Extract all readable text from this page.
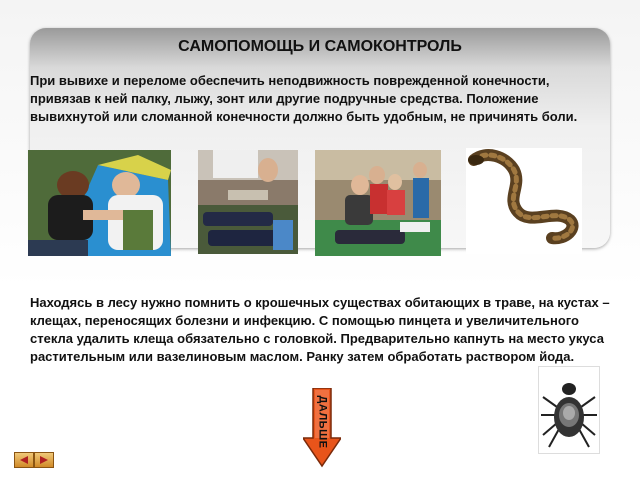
САМОПОМОЩЬ И САМОКОНТРОЛЬ
При вывихе и переломе обеспечить неподвижность поврежденной конечности, привязав к ней палку, лыжу, зонт или другие подручные средства. Положение вывихнутой или сломанной конечности должно быть удобным, не причинять боли.
Находясь в лесу нужно помнить о крошечных существах обитающих в траве, на кустах – клещах, переносящих болезни и инфекцию. С помощью пинцета и увеличительного стекла удалить клеща обязательно с головкой. Предварительно капнуть на место укуса растительным или вазелиновым маслом. Ранку затем обработать раствором йода.
ДАЛЬШЕ
